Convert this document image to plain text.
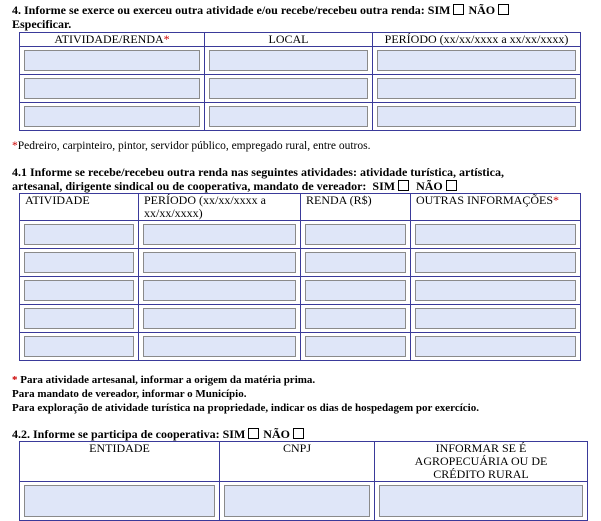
4. Informe se exerce ou exerceu outra atividade e/ou recebe/recebeu outra renda: SIM NÃO
Especificar.
ATIVIDADE/RENDA*	LOCAL	PERÍODO (xx/xx/xxxx a xx/xx/xxxx)

*Pedreiro, carpinteiro, pintor, servidor público, empregado rural, entre outros.
4.1 Informe se recebe/recebeu outra renda nas seguintes atividades: atividade turística, artística,
artesanal, dirigente sindical ou de cooperativa, mandato de vereador: SIM NÃO
ATIVIDADE	PERÍODO (xx/xx/xxxx a xx/xx/xxxx)	RENDA (R$)	OUTRAS INFORMAÇÕES*

* Para atividade artesanal, informar a origem da matéria prima.
Para mandato de vereador, informar o Município.
Para exploração de atividade turística na propriedade, indicar os dias de hospedagem por exercício.
4.2. Informe se participa de cooperativa: SIM NÃO
ENTIDADE	CNPJ	INFORMAR SE É AGROPECUÁRIA OU DE CRÉDITO RURAL
